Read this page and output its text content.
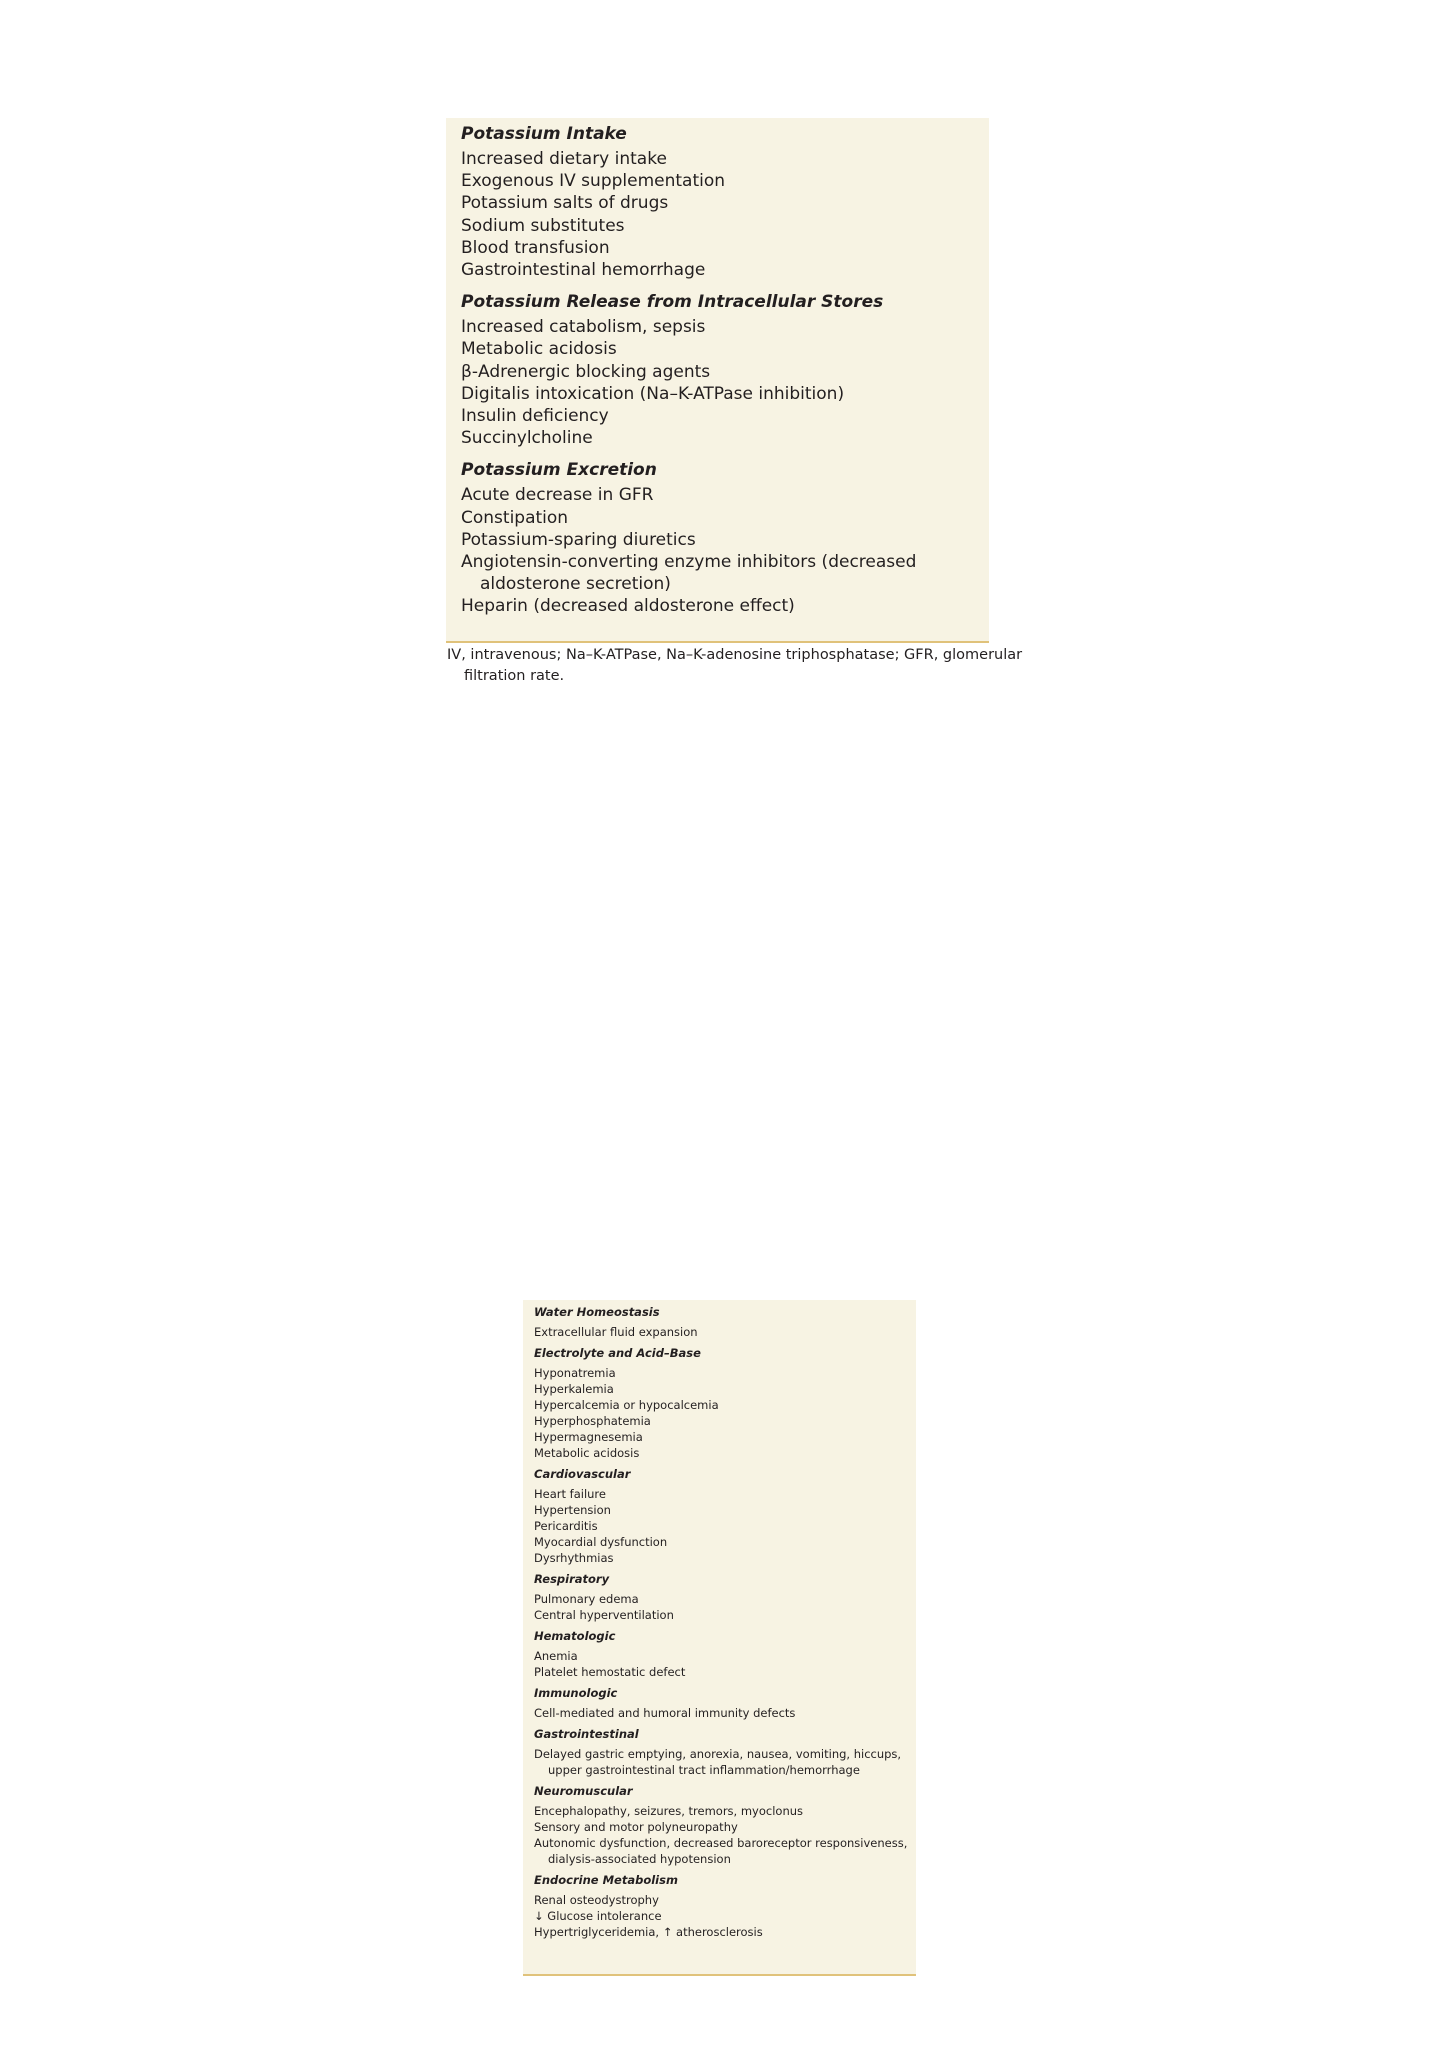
Potassium Intake
Increased dietary intake
Exogenous IV supplementation
Potassium salts of drugs
Sodium substitutes
Blood transfusion
Gastrointestinal hemorrhage
Potassium Release from Intracellular Stores
Increased catabolism, sepsis
Metabolic acidosis
β-Adrenergic blocking agents
Digitalis intoxication (Na–K-ATPase inhibition)
Insulin deficiency
Succinylcholine
Potassium Excretion
Acute decrease in GFR
Constipation
Potassium-sparing diuretics
Angiotensin-converting enzyme inhibitors (decreased aldosterone secretion)
Heparin (decreased aldosterone effect)
IV, intravenous; Na–K-ATPase, Na–K-adenosine triphosphatase; GFR, glomerular filtration rate.
Water Homeostasis
Extracellular fluid expansion
Electrolyte and Acid–Base
Hyponatremia
Hyperkalemia
Hypercalcemia or hypocalcemia
Hyperphosphatemia
Hypermagnesemia
Metabolic acidosis
Cardiovascular
Heart failure
Hypertension
Pericarditis
Myocardial dysfunction
Dysrhythmias
Respiratory
Pulmonary edema
Central hyperventilation
Hematologic
Anemia
Platelet hemostatic defect
Immunologic
Cell-mediated and humoral immunity defects
Gastrointestinal
Delayed gastric emptying, anorexia, nausea, vomiting, hiccups, upper gastrointestinal tract inflammation/hemorrhage
Neuromuscular
Encephalopathy, seizures, tremors, myoclonus
Sensory and motor polyneuropathy
Autonomic dysfunction, decreased baroreceptor responsiveness, dialysis-associated hypotension
Endocrine Metabolism
Renal osteodystrophy
↓ Glucose intolerance
Hypertriglyceridemia, ↑ atherosclerosis
